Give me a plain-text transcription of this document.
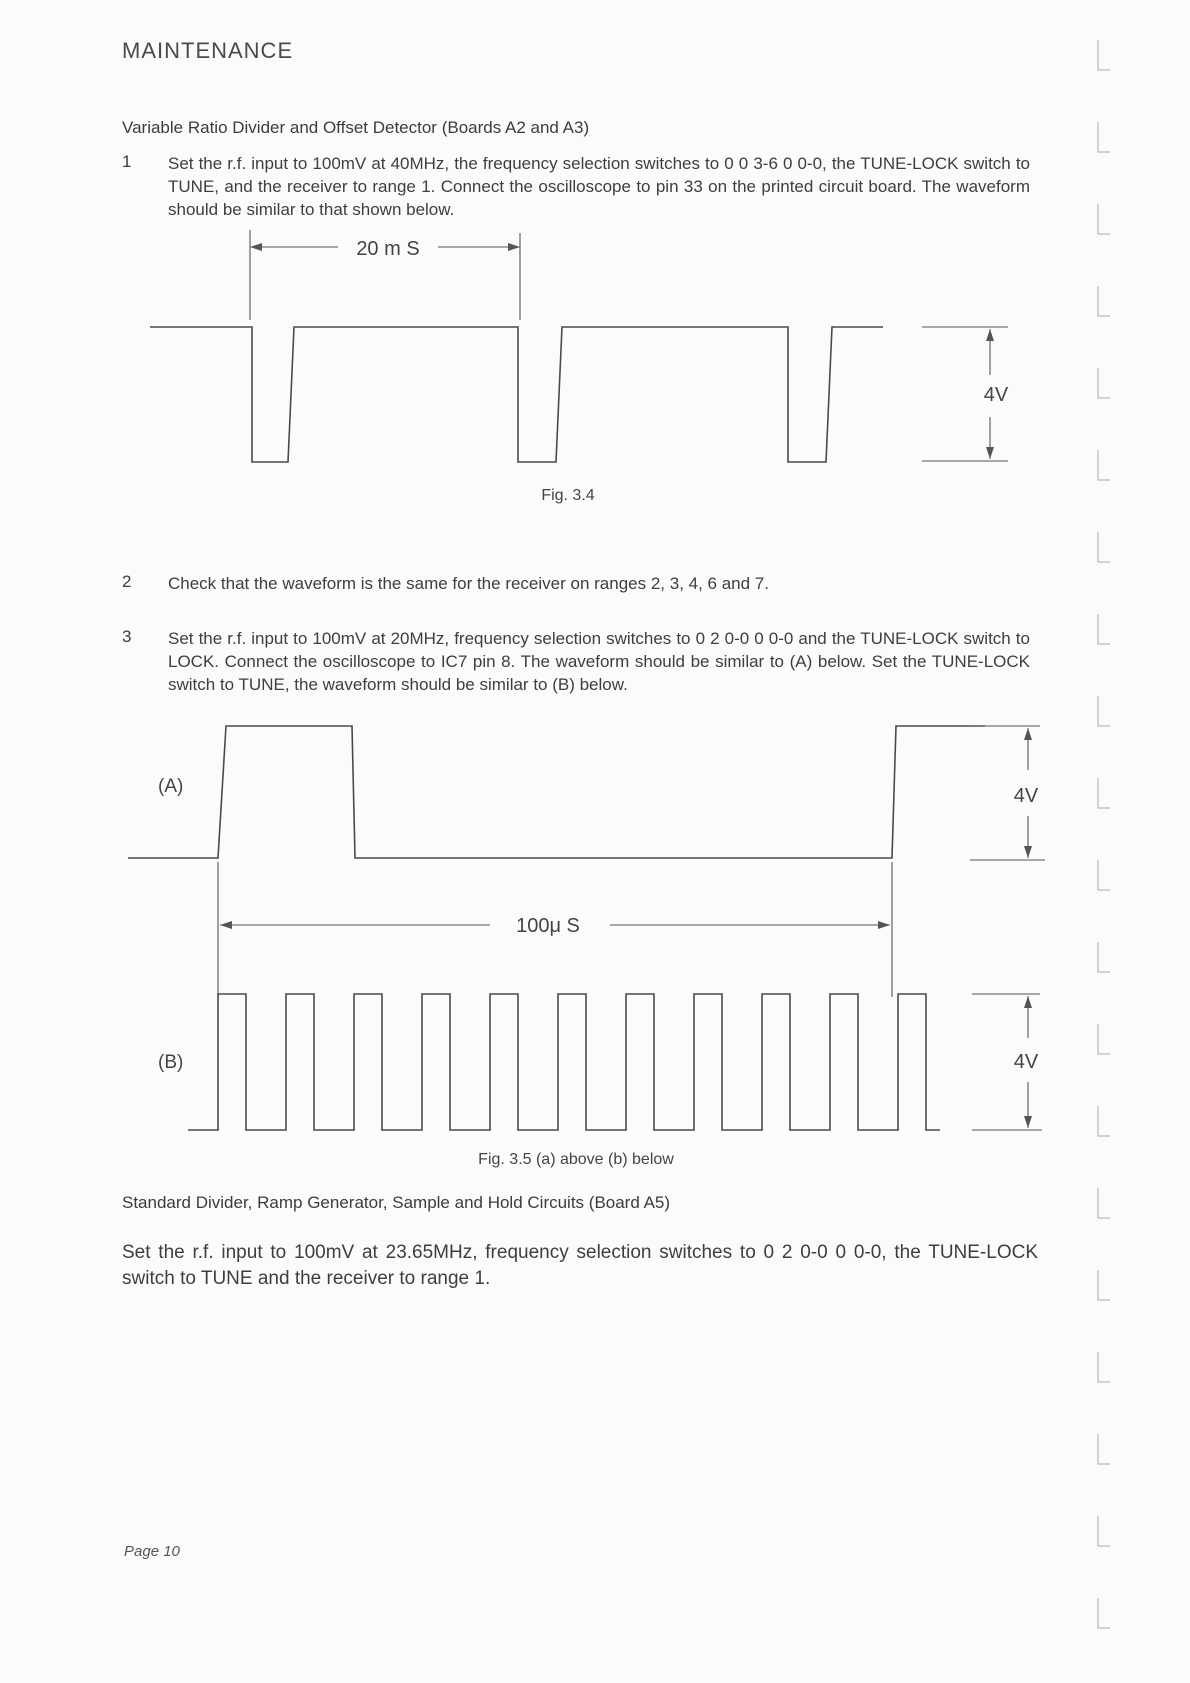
MAINTENANCE
Variable Ratio Divider and Offset Detector (Boards A2 and A3)
1 Set the r.f. input to 100mV at 40MHz, the frequency selection switches to 0 0 3-6 0 0-0, the TUNE-LOCK switch to TUNE, and the receiver to range 1. Connect the oscilloscope to pin 33 on the printed circuit board. The waveform should be similar to that shown below.
20 m S
4V
Fig. 3.4
2 Check that the waveform is the same for the receiver on ranges 2, 3, 4, 6 and 7.
3 Set the r.f. input to 100mV at 20MHz, frequency selection switches to 0 2 0-0 0 0-0 and the TUNE-LOCK switch to LOCK. Connect the oscilloscope to IC7 pin 8. The waveform should be similar to (A) below. Set the TUNE-LOCK switch to TUNE, the waveform should be similar to (B) below.
(A)	4V
100μ S
(B)	4V
Fig. 3.5 (a) above (b) below
Standard Divider, Ramp Generator, Sample and Hold Circuits (Board A5)
Set the r.f. input to 100mV at 23.65MHz, frequency selection switches to 0 2 0-0 0 0-0, the TUNE-LOCK switch to TUNE and the receiver to range 1.
Page 10
